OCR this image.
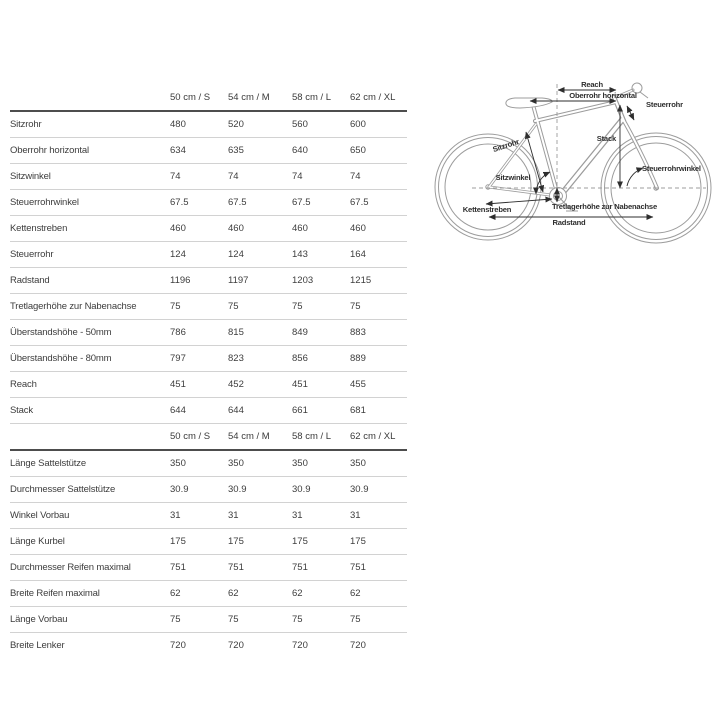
	50 cm / S	54 cm / M	58 cm / L	62 cm / XL
Sitzrohr	480	520	560	600
Oberrohr horizontal	634	635	640	650
Sitzwinkel	74	74	74	74
Steuerrohrwinkel	67.5	67.5	67.5	67.5
Kettenstreben	460	460	460	460
Steuerrohr	124	124	143	164
Radstand	1196	1197	1203	1215
Tretlagerhöhe zur Nabenachse	75	75	75	75
Überstandshöhe - 50mm	786	815	849	883
Überstandshöhe - 80mm	797	823	856	889
Reach	451	452	451	455
Stack	644	644	661	681
	50 cm / S	54 cm / M	58 cm / L	62 cm / XL
Länge Sattelstütze	350	350	350	350
Durchmesser Sattelstütze	30.9	30.9	30.9	30.9
Winkel Vorbau	31	31	31	31
Länge Kurbel	175	175	175	175
Durchmesser Reifen maximal	751	751	751	751
Breite Reifen maximal	62	62	62	62
Länge Vorbau	75	75	75	75
Breite Lenker	720	720	720	720
Reach
Oberrohr horizontal
Steuerrohr
Stack
Sitzrohr
Sitzwinkel
Steuerrohrwinkel
Kettenstreben	Tretlagerhöhe zur Nabenachse
Radstand
